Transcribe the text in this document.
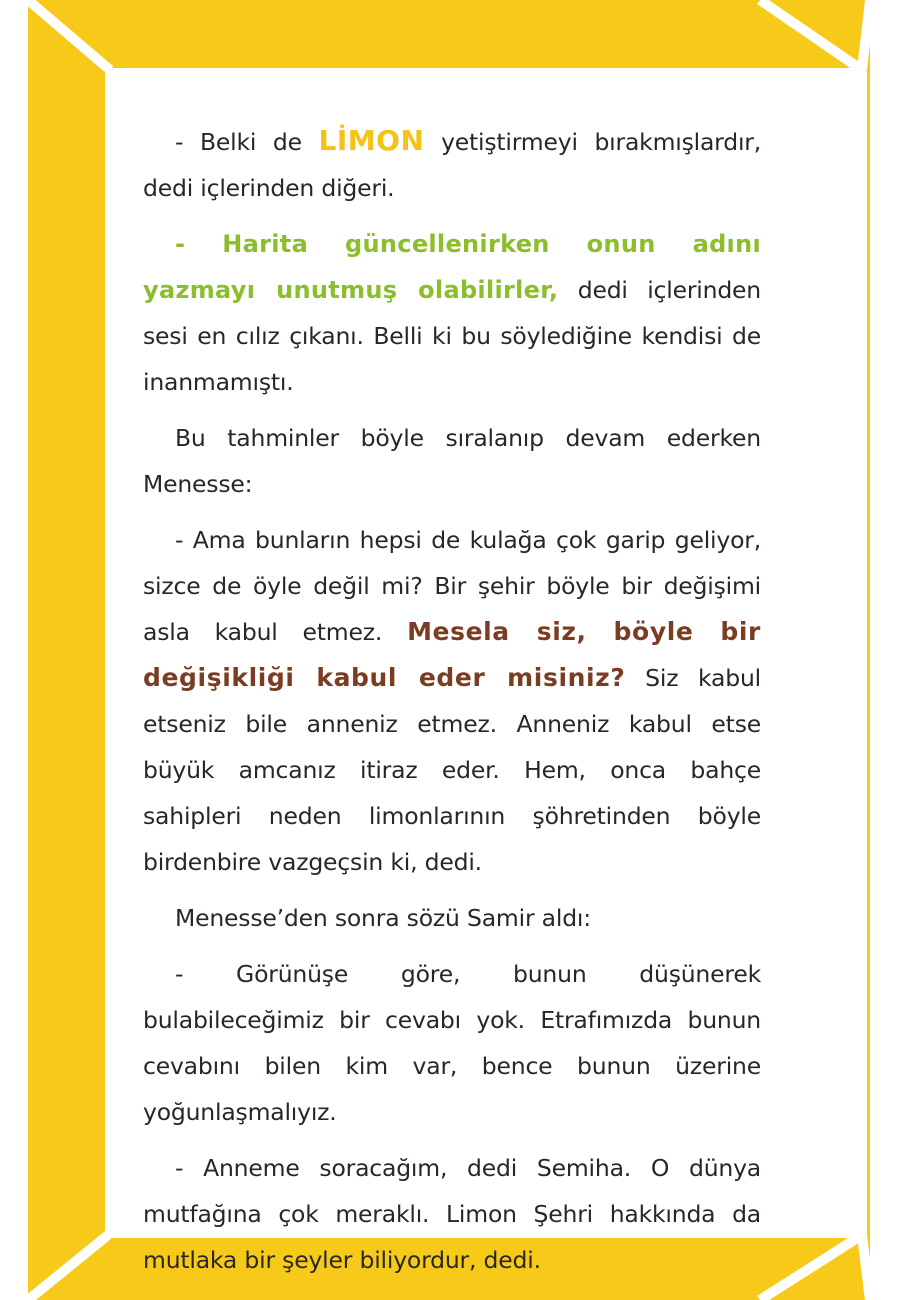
- Belki de LİMON yetiştirmeyi bırakmışlardır, dedi içlerinden diğeri.

- Harita güncellenirken onun adını yazmayı unutmuş olabilirler, dedi içlerinden sesi en cılız çıkanı. Belli ki bu söylediğine kendisi de inanmamıştı.

Bu tahminler böyle sıralanıp devam ederken Menesse:

- Ama bunların hepsi de kulağa çok garip geliyor, sizce de öyle değil mi? Bir şehir böyle bir değişimi asla kabul etmez. Mesela siz, böyle bir değişikliği kabul eder misiniz? Siz kabul etseniz bile anneniz etmez. Anneniz kabul etse büyük amcanız itiraz eder. Hem, onca bahçe sahipleri neden limonlarının şöhretinden böyle birdenbire vazgeçsin ki, dedi.

Menesse’den sonra sözü Samir aldı:

- Görünüşe göre, bunun düşünerek bulabileceğimiz bir cevabı yok. Etrafımızda bunun cevabını bilen kim var, bence bunun üzerine yoğunlaşmalıyız.

- Anneme soracağım, dedi Semiha. O dünya mutfağına çok meraklı. Limon Şehri hakkında da mutlaka bir şeyler biliyordur, dedi.
